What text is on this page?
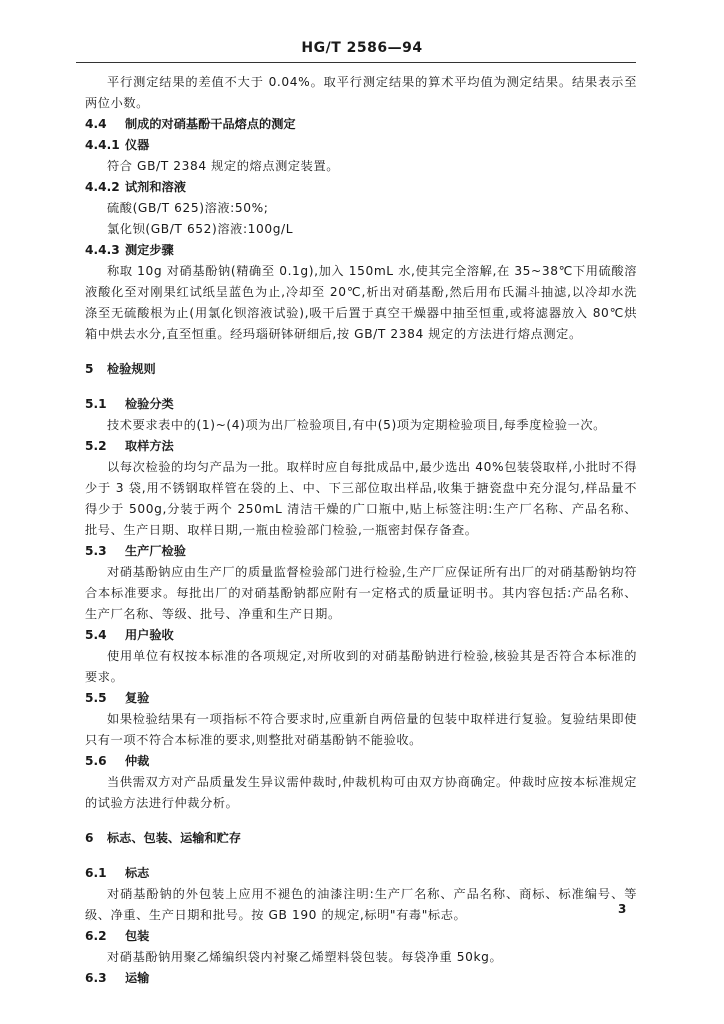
HG/T 2586—94

平行测定结果的差值不大于 0.04%。取平行测定结果的算术平均值为测定结果。结果表示至两位小数。

4.4 制成的对硝基酚干品熔点的测定
4.4.1 仪器

符合 GB/T 2384 规定的熔点测定装置。

4.4.2 试剂和溶液

硫酸(GB/T 625)溶液:50%;

氯化钡(GB/T 652)溶液:100g/L

4.4.3 测定步骤

称取 10g 对硝基酚钠(精确至 0.1g),加入 150mL 水,使其完全溶解,在 35~38℃下用硫酸溶液酸化至对刚果红试纸呈蓝色为止,冷却至 20℃,析出对硝基酚,然后用布氏漏斗抽滤,以冷却水洗涤至无硫酸根为止(用氯化钡溶液试验),吸干后置于真空干燥器中抽至恒重,或将滤器放入 80℃烘箱中烘去水分,直至恒重。经玛瑙研钵研细后,按 GB/T 2384 规定的方法进行熔点测定。

5 检验规则
5.1 检验分类

技术要求表中的(1)~(4)项为出厂检验项目,有中(5)项为定期检验项目,每季度检验一次。

5.2 取样方法

以每次检验的均匀产品为一批。取样时应自每批成品中,最少选出 40%包装袋取样,小批时不得少于 3 袋,用不锈钢取样管在袋的上、中、下三部位取出样品,收集于搪瓷盘中充分混匀,样品量不得少于 500g,分装于两个 250mL 清洁干燥的广口瓶中,贴上标签注明:生产厂名称、产品名称、批号、生产日期、取样日期,一瓶由检验部门检验,一瓶密封保存备查。

5.3 生产厂检验

对硝基酚钠应由生产厂的质量监督检验部门进行检验,生产厂应保证所有出厂的对硝基酚钠均符合本标准要求。每批出厂的对硝基酚钠都应附有一定格式的质量证明书。其内容包括:产品名称、生产厂名称、等级、批号、净重和生产日期。

5.4 用户验收

使用单位有权按本标准的各项规定,对所收到的对硝基酚钠进行检验,核验其是否符合本标准的要求。

5.5 复验

如果检验结果有一项指标不符合要求时,应重新自两倍量的包装中取样进行复验。复验结果即使只有一项不符合本标准的要求,则整批对硝基酚钠不能验收。

5.6 仲裁

当供需双方对产品质量发生异议需仲裁时,仲裁机构可由双方协商确定。仲裁时应按本标准规定的试验方法进行仲裁分析。

6 标志、包装、运输和贮存
6.1 标志

对硝基酚钠的外包装上应用不褪色的油漆注明:生产厂名称、产品名称、商标、标准编号、等级、净重、生产日期和批号。按 GB 190 的规定,标明"有毒"标志。

6.2 包装

对硝基酚钠用聚乙烯编织袋内衬聚乙烯塑料袋包装。每袋净重 50kg。

6.3 运输
3
